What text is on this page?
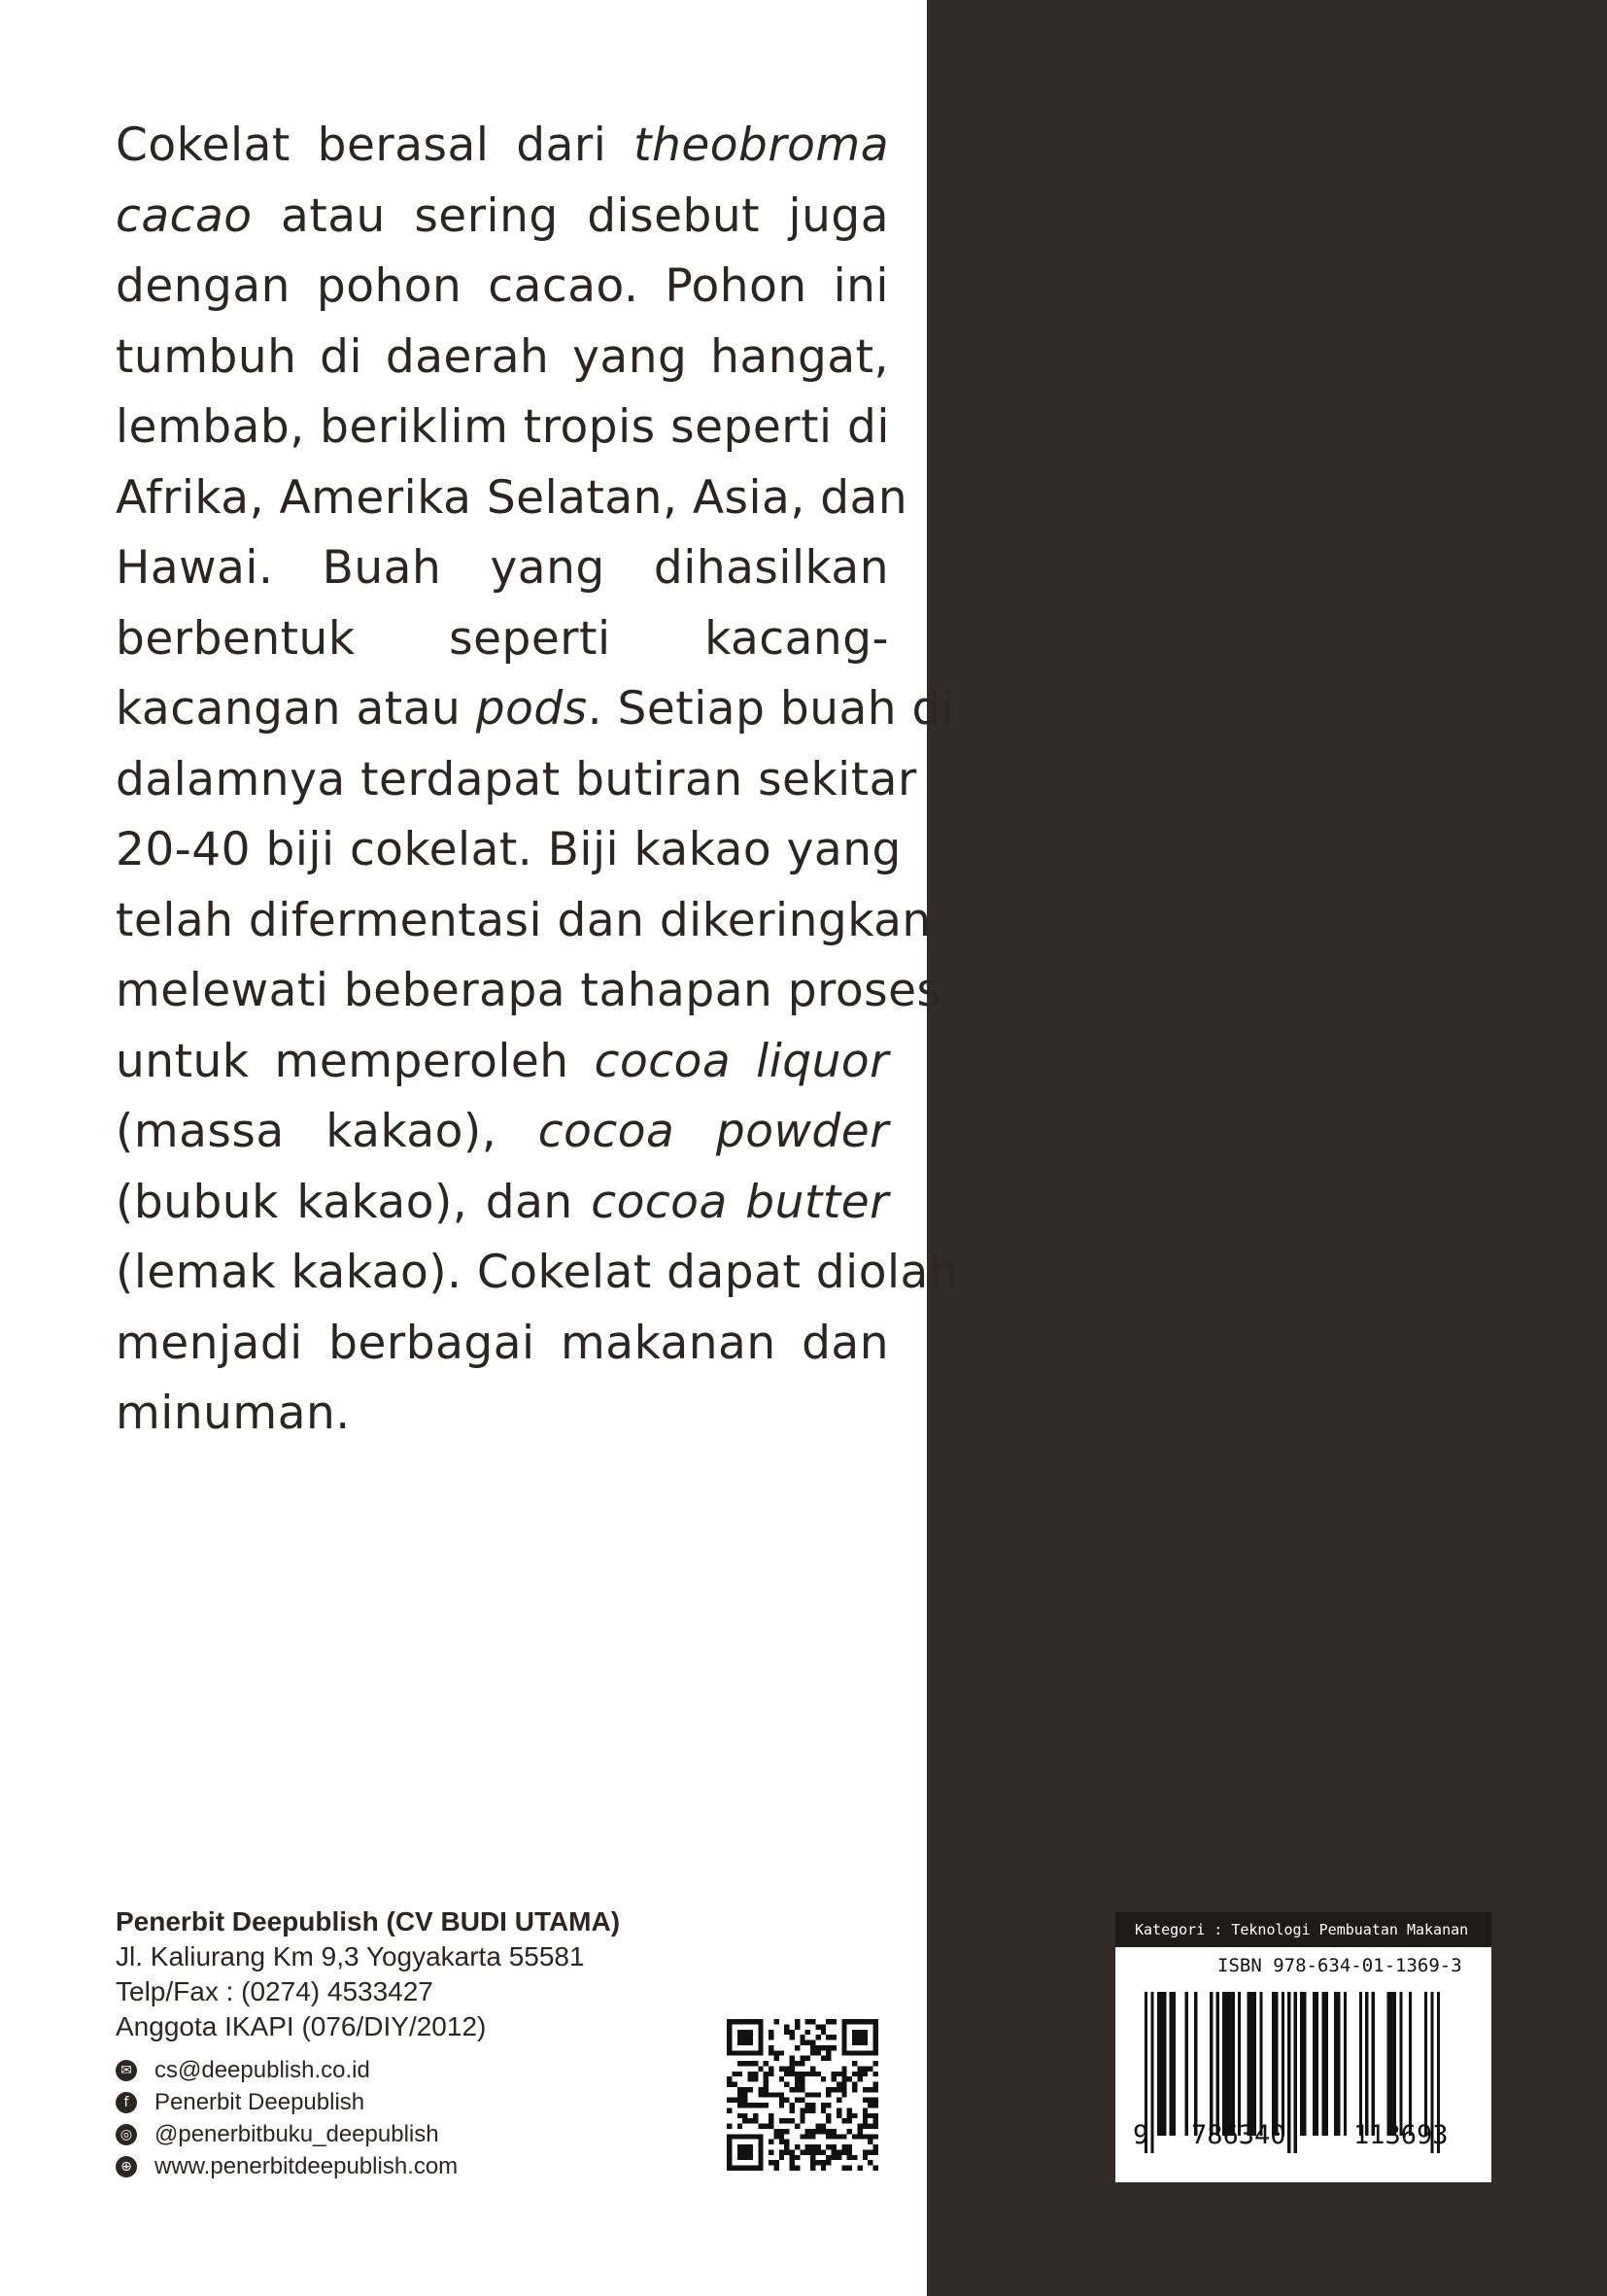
Cokelat berasal dari theobroma
cacao atau sering disebut juga
dengan pohon cacao. Pohon ini
tumbuh di daerah yang hangat,
lembab, beriklim tropis seperti di
Afrika, Amerika Selatan, Asia, dan
Hawai. Buah yang dihasilkan
berbentuk seperti kacang-
kacangan atau pods. Setiap buah di
dalamnya terdapat butiran sekitar
20-40 biji cokelat. Biji kakao yang
telah difermentasi dan dikeringkan
melewati beberapa tahapan proses
untuk memperoleh cocoa liquor
(massa kakao), cocoa powder
(bubuk kakao), dan cocoa butter
(lemak kakao). Cokelat dapat diolah
menjadi berbagai makanan dan
minuman.
Penerbit Deepublish (CV BUDI UTAMA)
Jl. Kaliurang Km 9,3 Yogyakarta 55581
Telp/Fax : (0274) 4533427
Anggota IKAPI (076/DIY/2012)
✉ cs@deepublish.co.id
f	Penerbit Deepublish
◎ @penerbitbuku_deepublish
⊕ www.penerbitdeepublish.com
Kategori : Teknologi Pembuatan Makanan
ISBN 978-634-01-1369-3
9 786340	113693
